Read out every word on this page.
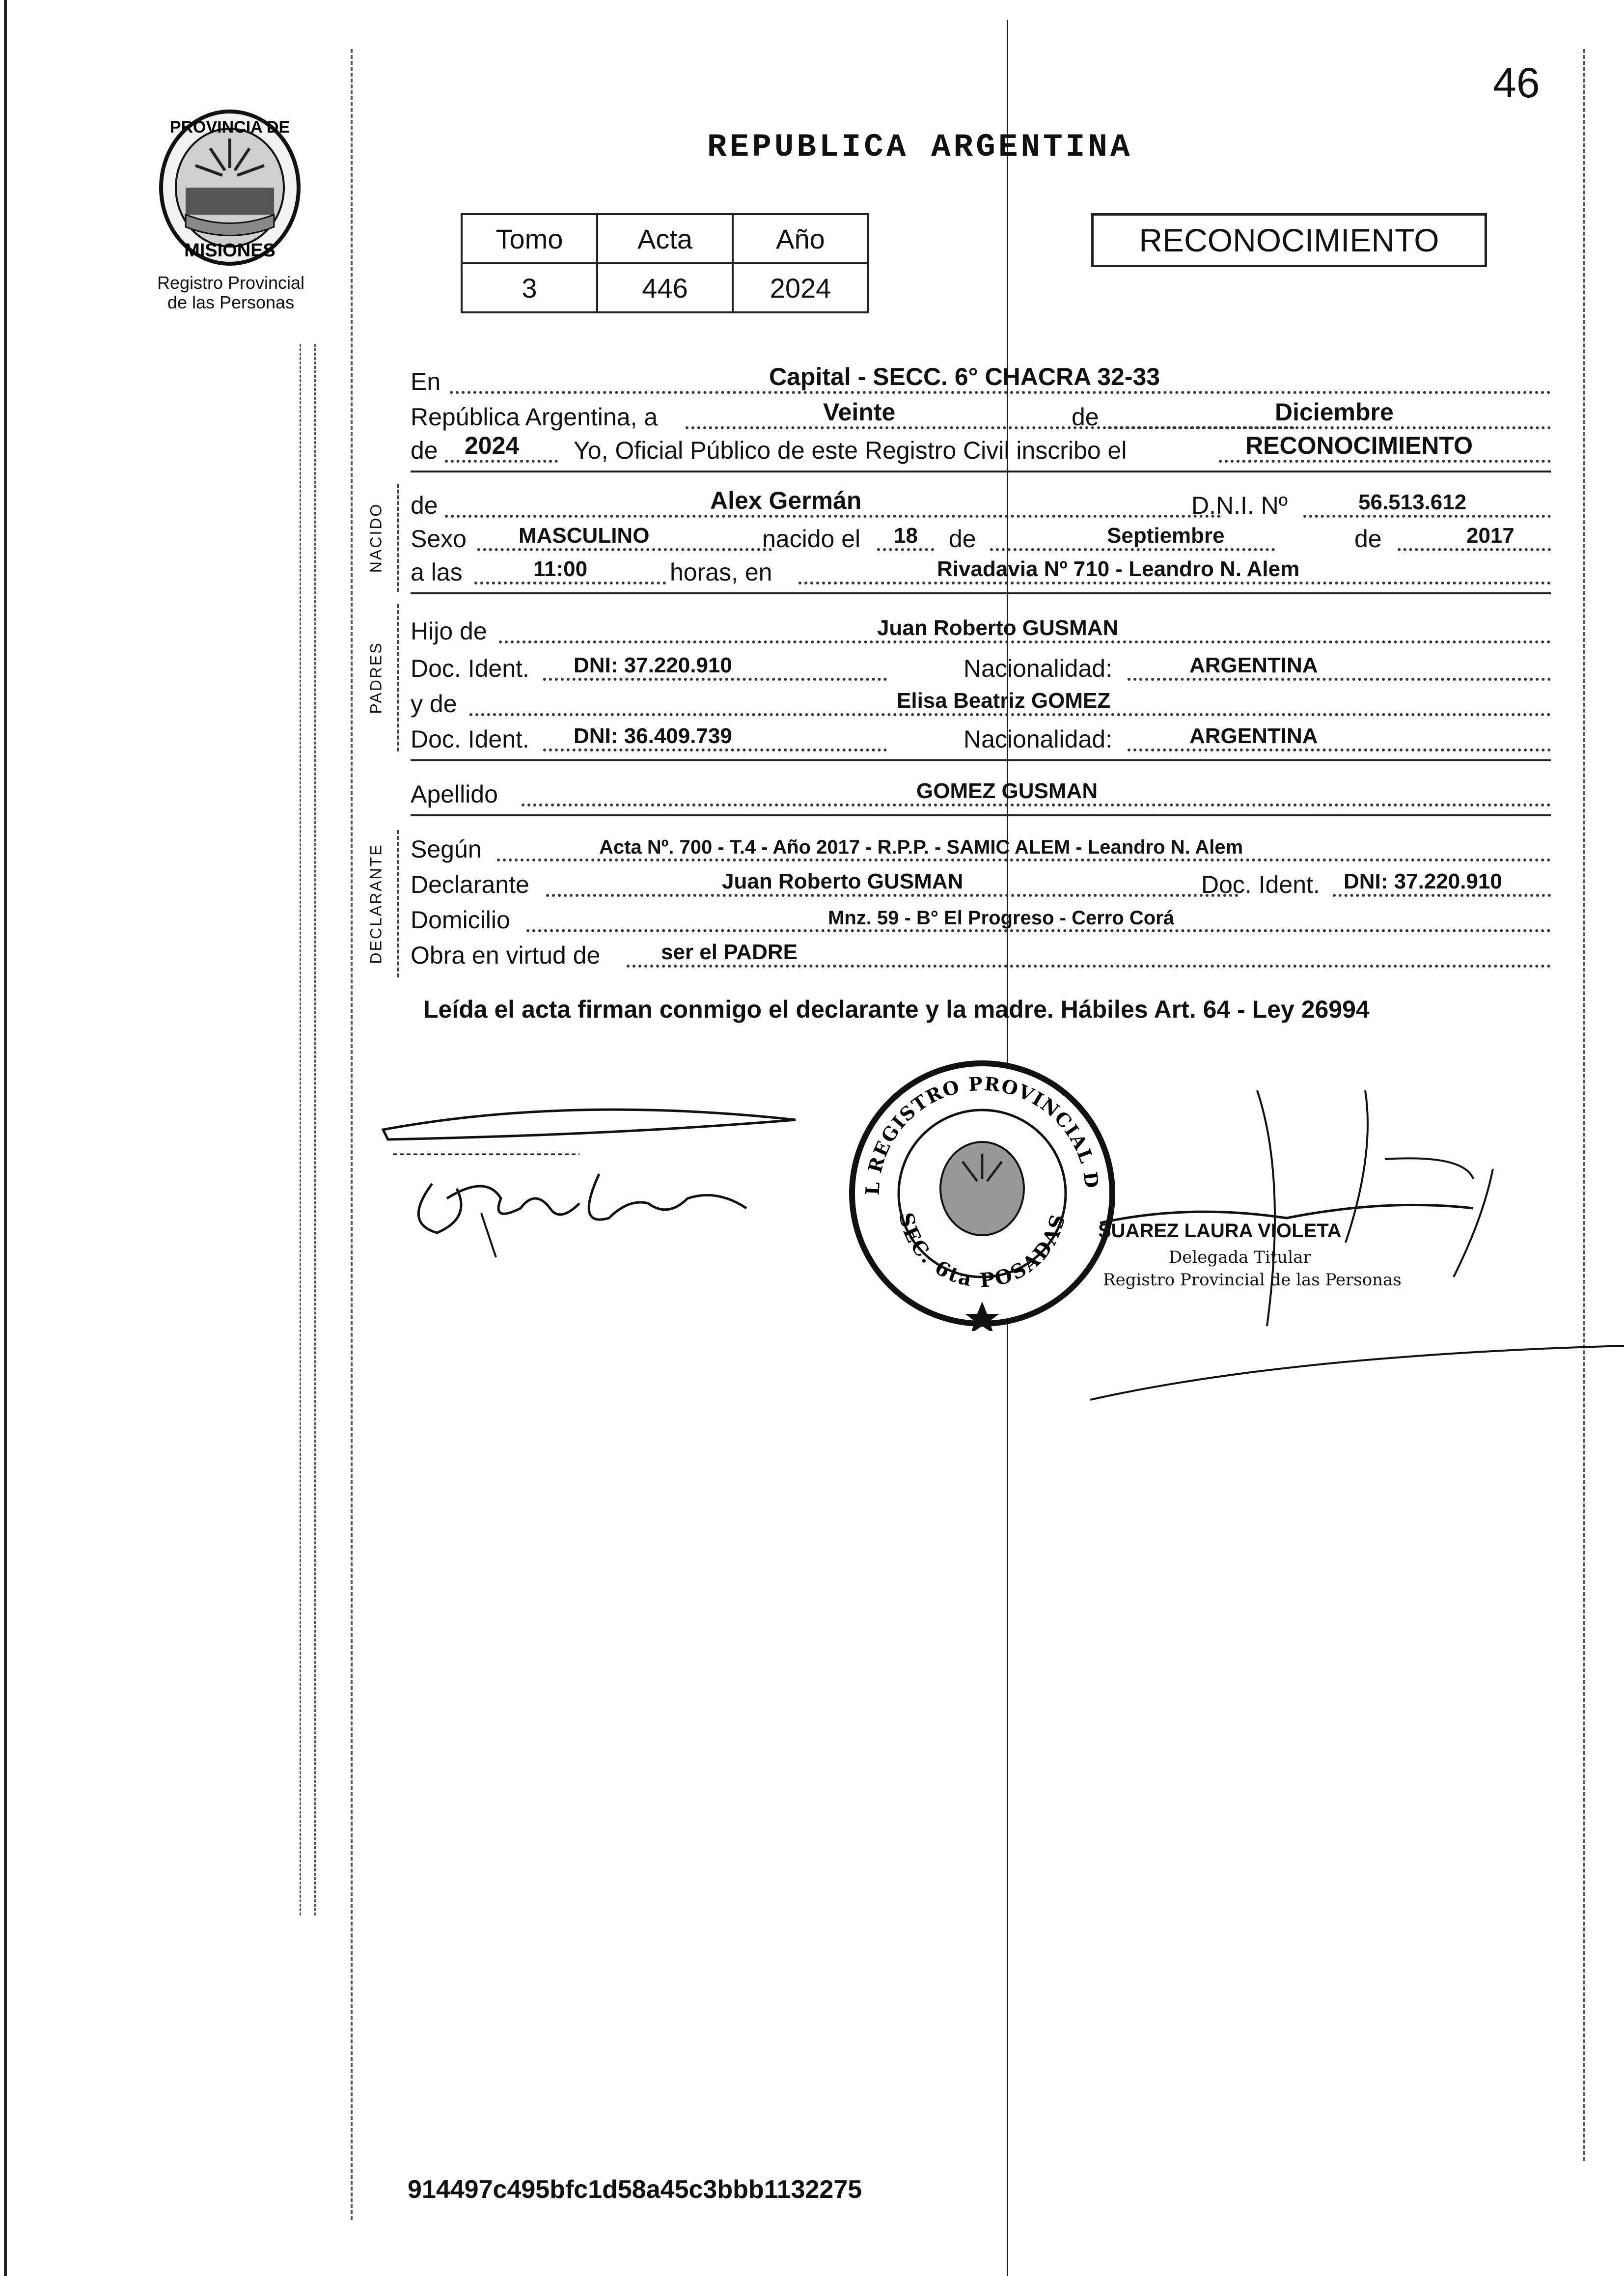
46
PROVINCIA DE
MISIONES
Registro Provincial
de las Personas
REPUBLICA ARGENTINA
Tomo	Acta	Año
3	446	2024
RECONOCIMIENTO
En	Capital - SECC. 6° CHACRA 32-33
República Argentina, a	Veinte	de	Diciembre
de 2024 Yo, Oficial Público de este Registro Civil inscribo el	RECONOCIMIENTO
NACIDO de	Alex Germán	D.N.I. Nº	56.513.612
Sexo MASCULINO	nacido el 18 de	Septiembre	de	2017
a las	11:00	horas, en	Rivadavia Nº 710 - Leandro N. Alem
PADRES
Hijo de	Juan Roberto GUSMAN
Doc. Ident. DNI: 37.220.910	Nacionalidad:	ARGENTINA
y de	Elisa Beatriz GOMEZ
Doc. Ident. DNI: 36.409.739	Nacionalidad:	ARGENTINA
Apellido	GOMEZ GUSMAN
DECLARANTE Según	Acta Nº. 700 - T.4 - Año 2017 - R.P.P. - SAMIC ALEM - Leandro N. Alem
Declarante	Juan Roberto GUSMAN	Doc. Ident. DNI: 37.220.910
Domicilio	Mnz. 59 - B° El Progreso - Cerro Corá
Obra en virtud de	ser el PADRE
Leída el acta firman conmigo el declarante y la madre. Hábiles Art. 64 - Ley 26994
L REGISTRO PROVINCIAL D
SEC. 6ta POSADAS SUAREZ LAURA VIOLETA
Delegada Titular
Registro Provincial de las Personas
914497c495bfc1d58a45c3bbb1132275
